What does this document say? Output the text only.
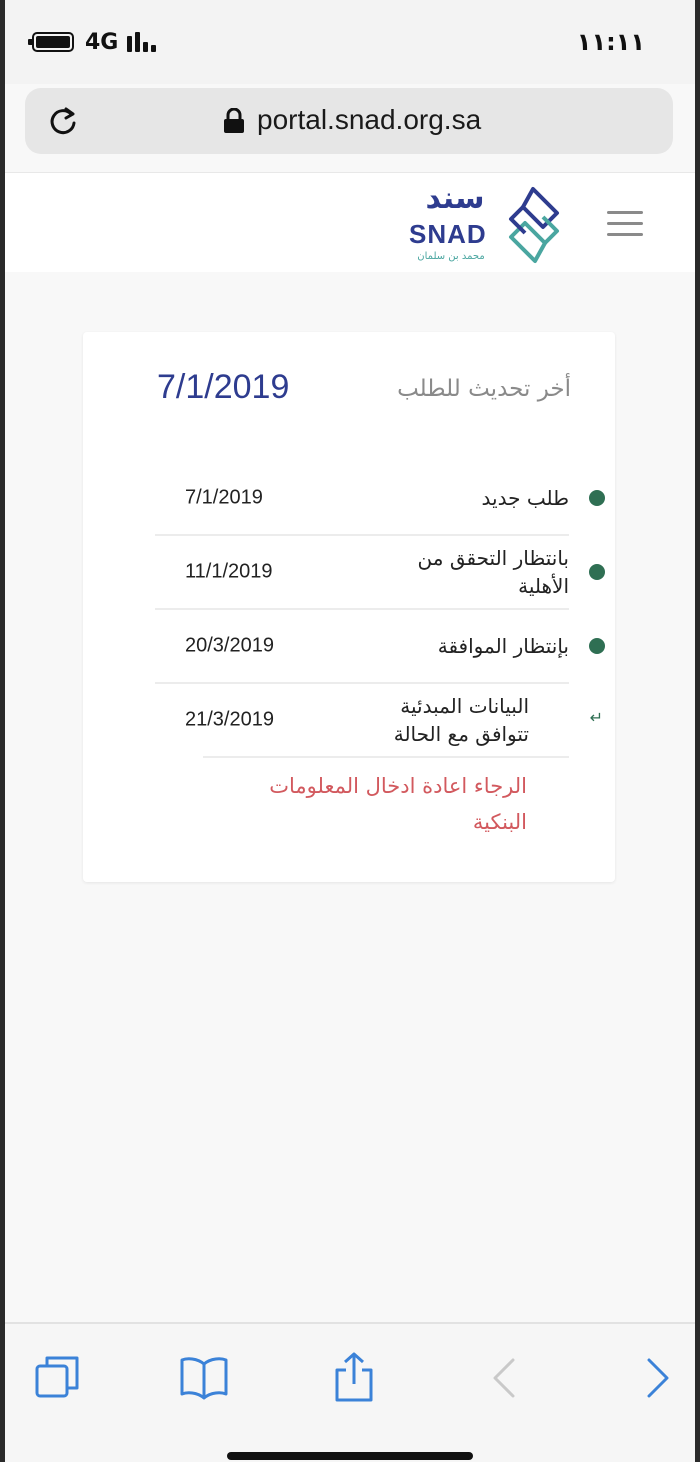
4G	١١:١١
portal.snad.org.sa
سند
SNAD
محمد بن سلمان
أخر تحديث للطلب
7/1/2019
طلب جديد
7/1/2019
بانتظار التحقق من الأهلية
11/1/2019
بإنتظار الموافقة
20/3/2019
↵
البيانات المبدئية تتوافق مع الحالة
21/3/2019
الرجاء اعادة ادخال المعلومات البنكية
